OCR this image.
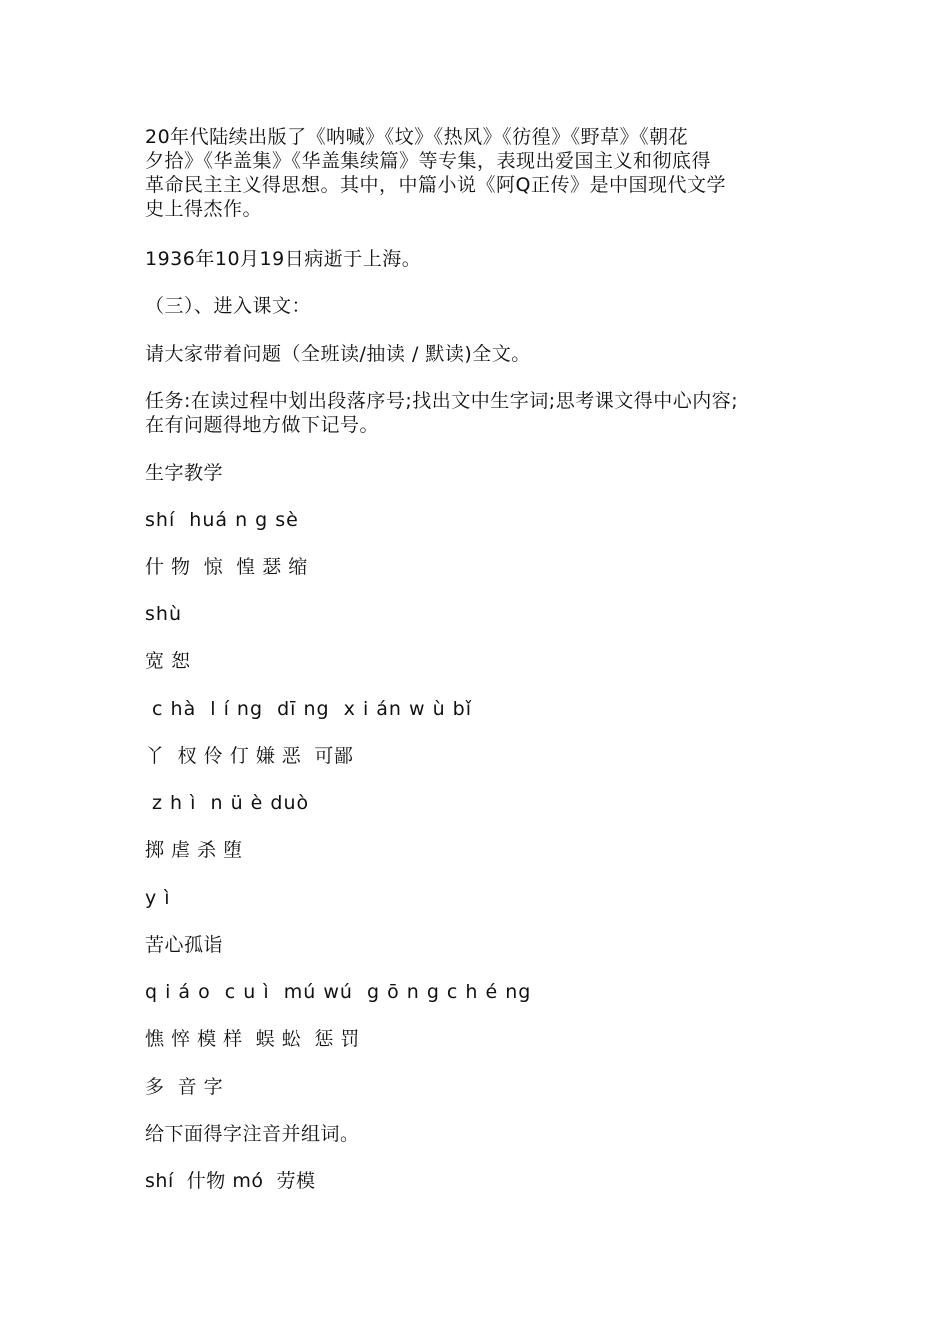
20年代陆续出版了《呐喊》《坟》《热风》《彷徨》《野草》《朝花
夕拾》《华盖集》《华盖集续篇》等专集，表现出爱国主义和彻底得
革命民主主义得思想。其中，中篇小说《阿Q正传》是中国现代文学
史上得杰作。
1936年10月19日病逝于上海。
（三）、进入课文：
请大家带着问题（全班读/抽读 / 默读)全文。
任务:在读过程中划出段落序号;找出文中生字词;思考课文得中心内容;
在有问题得地方做下记号。
生字教学
shí  huá n g sè
什 物  惊  惶 瑟 缩
shù
宽 恕
c hà  l í ng  dī ng  x i án w ù bǐ
丫  杈 伶 仃 嫌 恶  可鄙
z h ì  n ü è duò
掷 虐 杀 堕
y ì
苦心孤诣
q i á o  c u ì  mú wú  g ō n g c h é ng
憔 悴 模 样  蜈 蚣  惩 罚
多  音 字
给下面得字注音并组词。
shí  什物 mó  劳模
